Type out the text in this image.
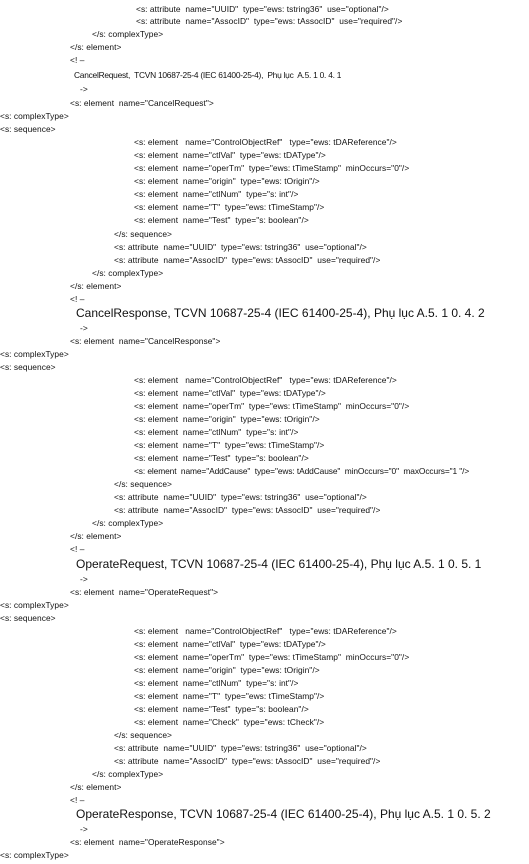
<s: attribute  name="UUID"  type="ews: tstring36"  use="optional"/>
<s: attribute  name="AssocID"  type="ews: tAssocID"  use="required"/>
</s: complexType>
</s: element>
<! –
CancelRequest,  TCVN 10687-25-4 (IEC 61400-25-4),  Phụ lục  A.5. 1 0. 4. 1
->
<s: element  name="CancelRequest">
<s: complexType>
<s: sequence>
<s: element   name="ControlObjectRef"   type="ews: tDAReference"/>
<s: element  name="ctlVal"  type="ews: tDAType"/>
<s: element  name="operTm"  type="ews: tTimeStamp"  minOccurs="0"/>
<s: element  name="origin"  type="ews: tOrigin"/>
<s: element  name="ctlNum"  type="s: int"/>
<s: element  name="T"  type="ews: tTimeStamp"/>
<s: element  name="Test"  type="s: boolean"/>
</s: sequence>
<s: attribute  name="UUID"  type="ews: tstring36"  use="optional"/>
<s: attribute  name="AssocID"  type="ews: tAssocID"  use="required"/>
</s: complexType>
</s: element>
<! –
CancelResponse, TCVN 10687-25-4 (IEC 61400-25-4), Phụ lục A.5. 1 0. 4. 2
->
<s: element  name="CancelResponse">
<s: complexType>
<s: sequence>
<s: element   name="ControlObjectRef"   type="ews: tDAReference"/>
<s: element  name="ctlVal"  type="ews: tDAType"/>
<s: element  name="operTm"  type="ews: tTimeStamp"  minOccurs="0"/>
<s: element  name="origin"  type="ews: tOrigin"/>
<s: element  name="ctlNum"  type="s: int"/>
<s: element  name="T"  type="ews: tTimeStamp"/>
<s: element  name="Test"  type="s: boolean"/>
<s: element  name="AddCause"  type="ews: tAddCause"  minOccurs="0"  maxOccurs="1 "/>
</s: sequence>
<s: attribute  name="UUID"  type="ews: tstring36"  use="optional"/>
<s: attribute  name="AssocID"  type="ews: tAssocID"  use="required"/>
</s: complexType>
</s: element>
<! –
OperateRequest, TCVN 10687-25-4 (IEC 61400-25-4), Phụ lục A.5. 1 0. 5. 1
->
<s: element  name="OperateRequest">
<s: complexType>
<s: sequence>
<s: element   name="ControlObjectRef"   type="ews: tDAReference"/>
<s: element  name="ctlVal"  type="ews: tDAType"/>
<s: element  name="operTm"  type="ews: tTimeStamp"  minOccurs="0"/>
<s: element  name="origin"  type="ews: tOrigin"/>
<s: element  name="ctlNum"  type="s: int"/>
<s: element  name="T"  type="ews: tTimeStamp"/>
<s: element  name="Test"  type="s: boolean"/>
<s: element  name="Check"  type="ews: tCheck"/>
</s: sequence>
<s: attribute  name="UUID"  type="ews: tstring36"  use="optional"/>
<s: attribute  name="AssocID"  type="ews: tAssocID"  use="required"/>
</s: complexType>
</s: element>
<! –
OperateResponse, TCVN 10687-25-4 (IEC 61400-25-4), Phụ lục A.5. 1 0. 5. 2
->
<s: element  name="OperateResponse">
<s: complexType>
